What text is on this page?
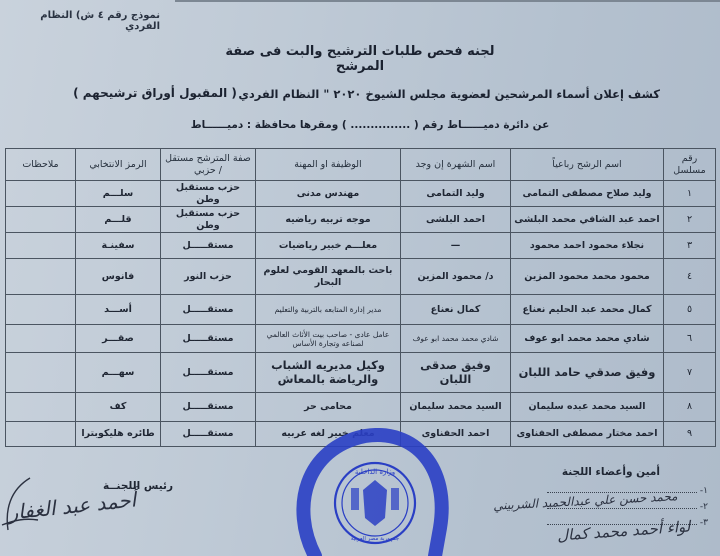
نموذج رقم ٤ ش) النظام الفردي
لجنه فحص طلبات الترشيح والبت فى صفة المرشح
كشف إعلان أسماء المرشحين لعضوية مجلس الشيوخ ٢٠٢٠ " النظام الفردي
( المقبول أوراق ترشيحهم )
عن دائرة دميــــــاط رقم ( ............... ) ومقرها محافظة : دميــــــاط
رقم مسلسل	اسم الرشح رباعياً	اسم الشهرة إن وجد	الوظيفة او المهنة	صفة المترشح مستقل / حزبي	الرمز الانتخابي	ملاحظات
١	وليد صلاح مصطفى التمامى	وليد التمامى	مهندس مدنى	حزب مستقبل وطن	سلـــم	
٢	احمد عبد الشافي محمد البلشى	احمد البلشى	موجه تربيه رياضيه	حزب مستقبل وطن	قلـــم	
٣	نجلاء محمود احمد محمود	—	معلـــم خبير رياضيات	مستقـــــل	سفينـة	
٤	محمود محمد محمود المزين	د/ محمود المزين	باحث بالمعهد القومي لعلوم البحار	حزب النور	فانوس	
٥	كمال محمد عبد الحليم نعناع	كمال نعناع	مدير إدارة المتابعه بالتربية والتعليم	مستقـــــل	أســـد	
٦	شادي محمد محمد ابو عوف	شادي محمد محمد ابو عوف	عامل عادى - صاحب بيت الأثاث العالمي لصناعه وتجارة الأساس	مستقـــــل	صقـــر	
٧	وفيق صدقي حامد اللبان	وفيق صدقى اللبان	وكيل مديريه الشباب والرياضة بالمعاش	مستقـــــل	سهـــم	
٨	السيد محمد عبده سليمان	السيد محمد سليمان	محامى حر	مستقـــــل	كف	
٩	احمد مختار مصطفى الحفناوى	احمد الحفناوى	معلم خبير لغه عربيه	مستقـــــل	طائره هليكوبترا	
أمين وأعضاء اللجنة
١-
٢-
٣-
محمد حسن علي عبدالحميد الشربيني
لواء أحمد محمد كمال
رئيس اللجنــة
أحمد عبد الغفار
وزارة الداخلية
جمهورية مصر العربية
